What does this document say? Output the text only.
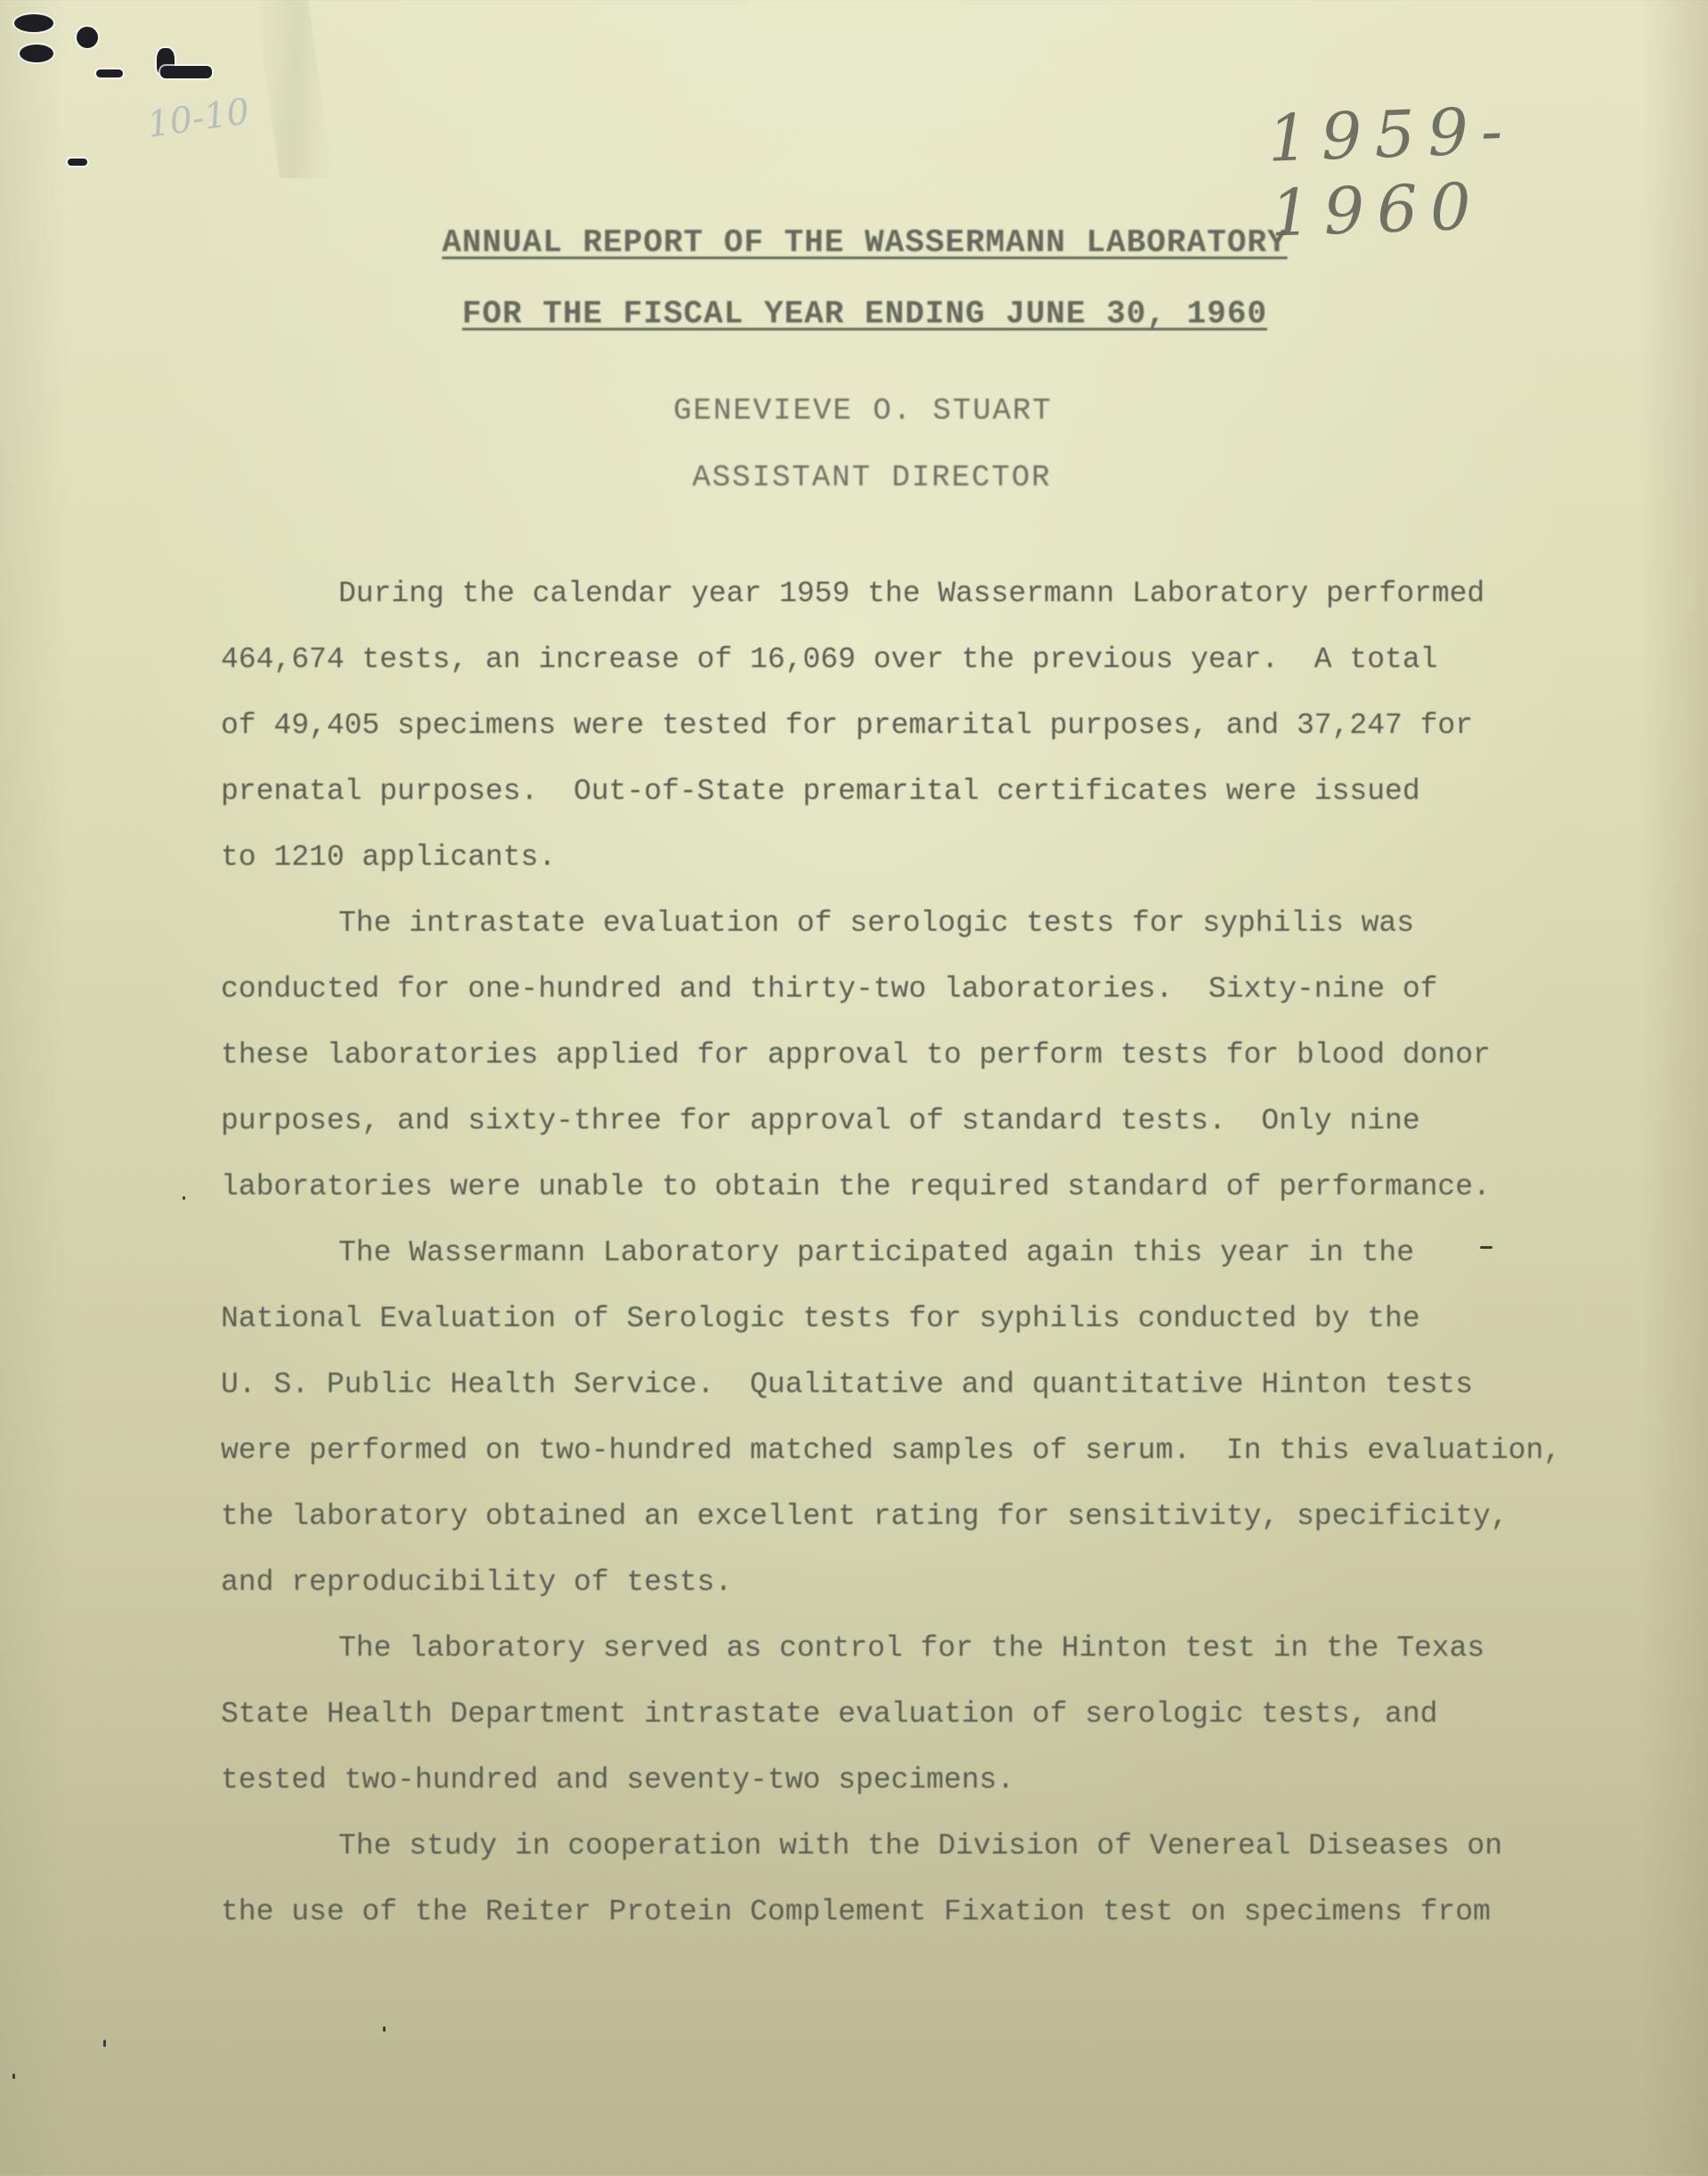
10-10	1959-1960
ANNUAL REPORT OF THE WASSERMANN LABORATORY
FOR THE FISCAL YEAR ENDING JUNE 30, 1960
GENEVIEVE O. STUART
ASSISTANT DIRECTOR

During the calendar year 1959 the Wassermann Laboratory performed

464,674 tests, an increase of 16,069 over the previous year.  A total

of 49,405 specimens were tested for premarital purposes, and 37,247 for

prenatal purposes.  Out-of-State premarital certificates were issued

to 1210 applicants.

The intrastate evaluation of serologic tests for syphilis was

conducted for one-hundred and thirty-two laboratories.  Sixty-nine of

these laboratories applied for approval to perform tests for blood donor

purposes, and sixty-three for approval of standard tests.  Only nine

laboratories were unable to obtain the required standard of performance.

The Wassermann Laboratory participated again this year in the

National Evaluation of Serologic tests for syphilis conducted by the

U. S. Public Health Service.  Qualitative and quantitative Hinton tests

were performed on two-hundred matched samples of serum.  In this evaluation,

the laboratory obtained an excellent rating for sensitivity, specificity,

and reproducibility of tests.

The laboratory served as control for the Hinton test in the Texas

State Health Department intrastate evaluation of serologic tests, and

tested two-hundred and seventy-two specimens.

The study in cooperation with the Division of Venereal Diseases on

the use of the Reiter Protein Complement Fixation test on specimens from
